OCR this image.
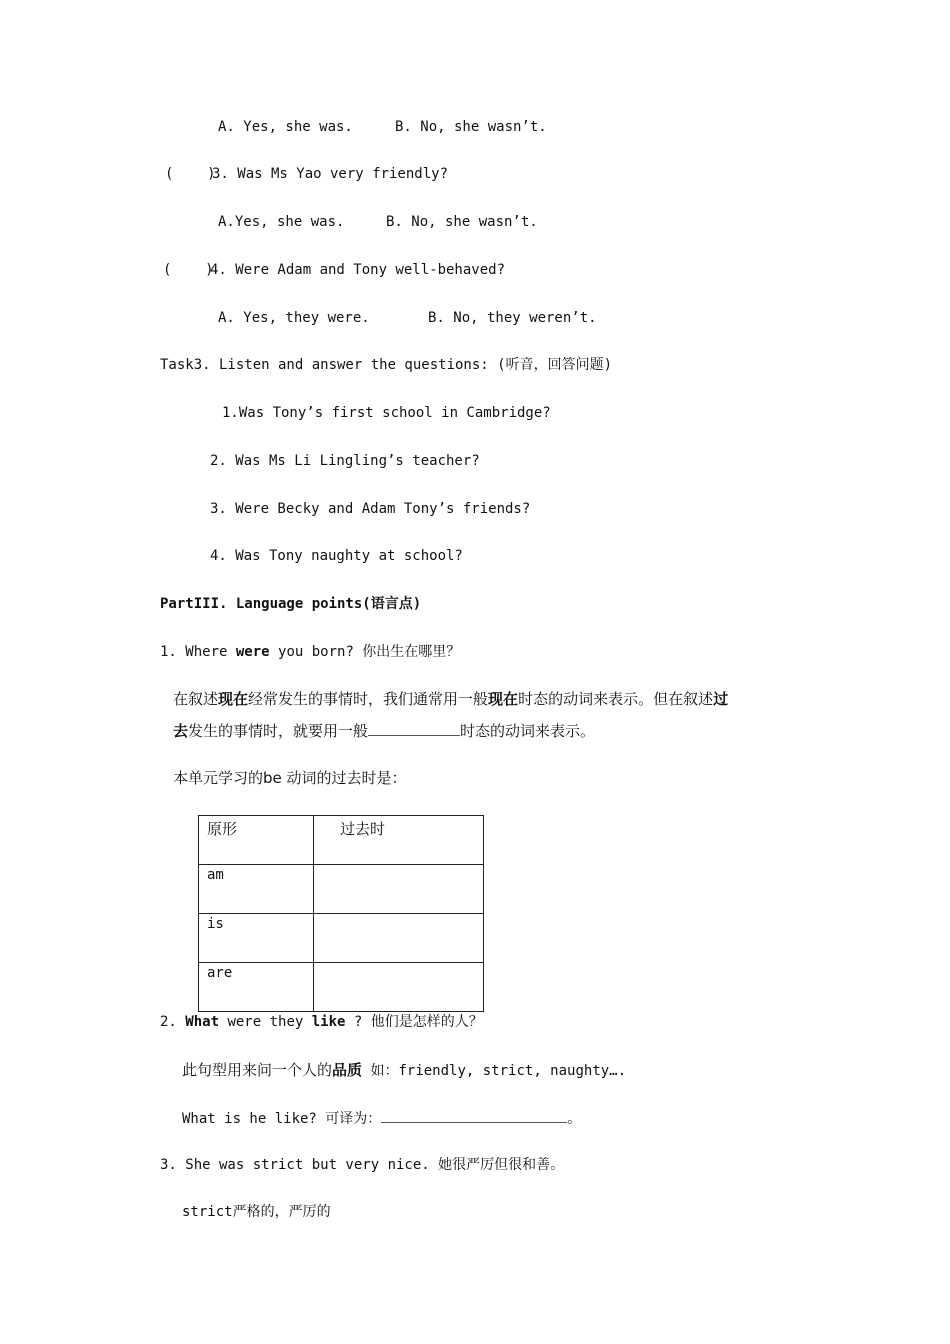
A. Yes, she was.	B. No, she wasn’t.
(    )
3. Was Ms Yao very friendly?
A.Yes, she was.	B. No, she wasn’t.
(    )
4. Were Adam and Tony well-behaved?
A. Yes, they were.	B. No, they weren’t.
Task3. Listen and answer the questions: (听音，回答问题)
1.Was Tony’s first school in Cambridge?
2. Was Ms Li Lingling’s teacher?
3. Were Becky and Adam Tony’s friends?
4. Was Tony naughty at school?
PartIII. Language points(语言点)
1. Where were you born? 你出生在哪里？
在叙述现在经常发生的事情时，我们通常用一般现在时态的动词来表示。但在叙述过
去发生的事情时，就要用一般	时态的动词来表示。
本单元学习的be 动词的过去时是：
原形	过去时
am	
is	
are	
2. What were they like ? 他们是怎样的人？
此句型用来问一个人的品质 如：friendly, strict, naughty….
What is he like? 可译为：	。
3. She was strict but very nice. 她很严厉但很和善。
strict严格的，严厉的
